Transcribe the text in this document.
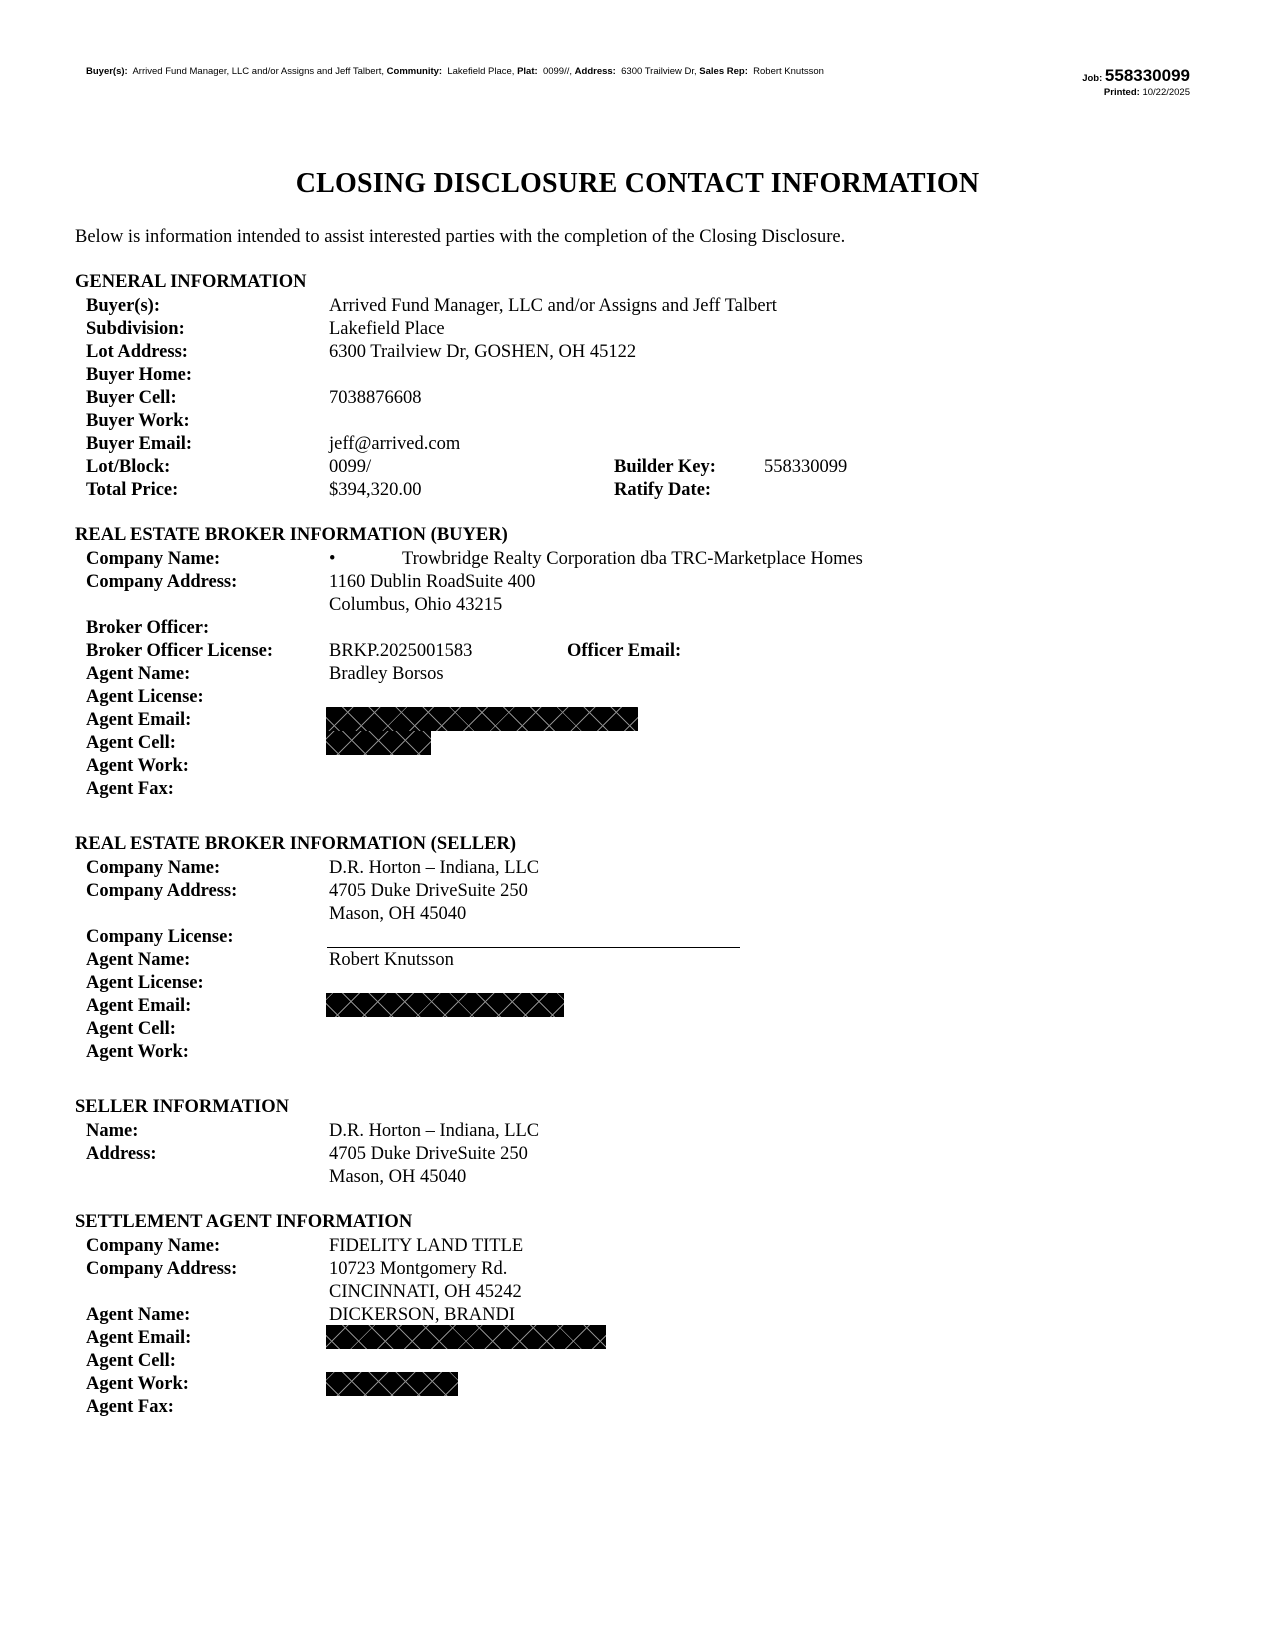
Buyer(s): Arrived Fund Manager, LLC and/or Assigns and Jeff Talbert, Community: Lakefield Place, Plat: 0099//, Address: 6300 Trailview Dr, Sales Rep: Robert Knutsson
Job: 558330099
Printed: 10/22/2025
CLOSING DISCLOSURE CONTACT INFORMATION
Below is information intended to assist interested parties with the completion of the Closing Disclosure.
GENERAL INFORMATION
Buyer(s):	Arrived Fund Manager, LLC and/or Assigns and Jeff Talbert
Subdivision:	Lakefield Place
Lot Address:	6300 Trailview Dr, GOSHEN, OH 45122
Buyer Home:
Buyer Cell:	7038876608
Buyer Work:
Buyer Email:	jeff@arrived.com
Lot/Block:	0099/	Builder Key:	558330099
Total Price:	$394,320.00	Ratify Date:
REAL ESTATE BROKER INFORMATION (BUYER)
Company Name:	•	Trowbridge Realty Corporation dba TRC-Marketplace Homes
Company Address:	1160 Dublin RoadSuite 400
Columbus, Ohio 43215
Broker Officer:
Broker Officer License:	BRKP.2025001583	Officer Email:
Agent Name:	Bradley Borsos
Agent License:
Agent Email:
Agent Cell:
Agent Work:
Agent Fax:
REAL ESTATE BROKER INFORMATION (SELLER)
Company Name:	D.R. Horton – Indiana, LLC
Company Address:	4705 Duke DriveSuite 250
Mason, OH 45040
Company License:
Agent Name:	Robert Knutsson
Agent License:
Agent Email:
Agent Cell:
Agent Work:
SELLER INFORMATION
Name:	D.R. Horton – Indiana, LLC
Address:	4705 Duke DriveSuite 250
Mason, OH 45040
SETTLEMENT AGENT INFORMATION
Company Name:	FIDELITY LAND TITLE
Company Address:	10723 Montgomery Rd.
CINCINNATI, OH 45242
Agent Name:	DICKERSON, BRANDI
Agent Email:
Agent Cell:
Agent Work:
Agent Fax:
